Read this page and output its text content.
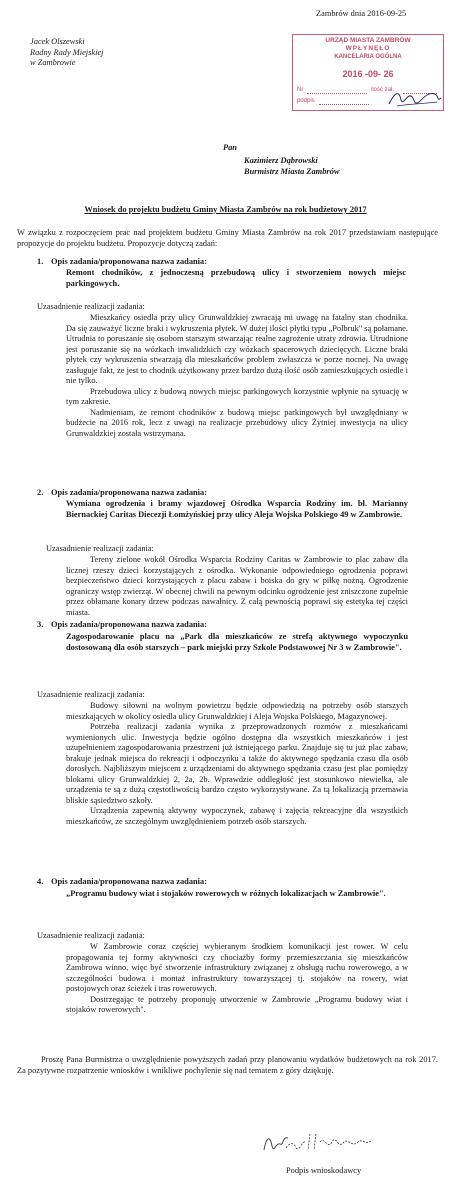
Zambrów dnia 2016-09-25
Jacek Olszewski
Radny Rady Miejskiej
w Zambrowie
URZĄD MIASTA ZAMBRÓW
WPŁYNĘŁO
KANCELARIA OGÓLNA
2016 -09- 26
Nr	ilość zał.
podpis
Pan
Kazimierz Dąbrowski
Burmistrz Miasta Zambrów
Wniosek do projektu budżetu Gminy Miasta Zambrów na rok budżetowy 2017
W związku z rozpoczęciem prac nad projektem budżetu Gminy Miasta Zambrów na rok 2017 przedstawiam następujące propozycje do projektu budżetu. Propozycje dotyczą zadań:
1. Opis zadania/proponowana nazwa zadania:
Remont chodników, z jednoczesną przebudową ulicy i stworzeniem nowych miejsc parkingowych.
Uzasadnienie realizacji zadania:

Mieszkańcy osiedla przy ulicy Grunwaldzkiej zwracają mi uwagę na fatalny stan chodnika. Da się zauważyć liczne braki i wykruszenia płytek. W dużej ilości płytki typu „Polbruk" są połamane. Utrudnia to poruszanie się osobom starszym stwarzając realne zagrożenie utraty zdrowia. Utrudnione jest poruszanie się na wózkach inwalidzkich czy wózkach spacerowych dziecięcych. Liczne braki płytek czy wykruszenia stwarzają dla mieszkańców problem zwłaszcza w porze nocnej. Na uwagę zasługuje fakt, że jest to chodnik użytkowany przez bardzo dużą ilość osób zamieszkujących osiedle i nie tylko.

Przebudowa ulicy z budową nowych miejsc parkingowych korzystnie wpłynie na sytuację w tym zakresie.

Nadmieniam, że remont chodników z budową miejsc parkingowych był uwzględniany w budżecie na 2016 rok, lecz z uwagi na realizacje przebudowy ulicy Żytniej inwestycja na ulicy Grunwaldzkiej została wstrzymana.

2. Opis zadania/proponowana nazwa zadania:
Wymiana ogrodzenia i bramy wjazdowej Ośrodka Wsparcia Rodziny im. bł. Marianny Biernackiej Caritas Diecezji Łomżyńskiej przy ulicy Aleja Wojska Polskiego 49 w Zambrowie.
Uzasadnienie realizacji zadania:

Tereny zielone wokół Ośrodka Wsparcia Rodziny Caritas w Zambrowie to plac zabaw dla licznej rzeszy dzieci korzystających z ośrodka. Wykonanie odpowiedniego ogrodzenia poprawi bezpieczeństwo dzieci korzystających z placu zabaw i boiska do gry w piłkę nożną. Ogrodzenie ograniczy wstęp zwierząt. W obecnej chwili na pewnym odcinku ogrodzenie jest zniszczone zupełnie przez obłamane konary drzew podczas nawałnicy. Z całą pewnością poprawi się estetyka tej części miasta.

3. Opis zadania/proponowana nazwa zadania:
Zagospodarowanie placu na „Park dla mieszkańców ze strefą aktywnego wypoczynku dostosowaną dla osób starszych – park miejski przy Szkole Podstawowej Nr 3 w Zambrowie".
Uzasadnienie realizacji zadania:

Budowy siłowni na wolnym powietrzu będzie odpowiedzią na potrzeby osób starszych mieszkających w okolicy osiedla ulicy Grunwaldzkiej i Aleja Wojska Polskiego, Magazynowej.

Potrzeba realizacji zadania wynika z przeprowadzonych rozmów z mieszkańcami wymienionych ulic. Inwestycja będzie ogólno dostępna dla wszystkich mieszkańców i jest uzupełnieniem zagospodarowania przestrzeni już istniejącego parku. Znajduje się tu już plac zabaw, brakuje jednak miejsca do rekreacji i odpoczynku a także do aktywnego spędzania czasu dla osób dorosłych. Najbliższym miejscem z urządzeniami do aktywnego spędzania czasu jest plac pomiędzy blokami ulicy Grunwaldzkiej 2, 2a, 2b. Wprawdzie oddległość jest stosunkowo niewielka, ale urządzenia te są z dużą częstotliwością bardzo często wykorzystywane. Za tą lokalizacją przemawia bliskie sąsiedztwo szkoły.

Urządzenia zapewnią aktywny wypoczynek, zabawę i zajęcia rekreacyjne dla wszystkich mieszkańców, ze szczególnym uwzględnieniem potrzeb osób starszych.

4. Opis zadania/proponowana nazwa zadania:
„Programu budowy wiat i stojaków rowerowych w różnych lokalizacjach w Zambrowie".
Uzasadnienie realizacji zadania:

W Zambrowie coraz częściej wybieranym środkiem komunikacji jest rower. W celu propagowania tej formy aktywności czy chociażby formy przemieszczania się mieszkańców Zambrowa winno, więc być stworzenie infrastruktury związanej z obsługą ruchu rowerowego, a w szczególności budowa i montaż infrastruktury towarzyszącej tj. stojaków na rowery, wiat postojowych oraz ścieżek i tras rowerowych.

Dostrzegając te potrzeby proponuję utworzenie w Zambrowie „Programu budowy wiat i stojaków rowerowych".

Proszę Pana Burmistrza o uwzględnienie powyższych zadań przy planowaniu wydatków budżetowych na rok 2017. Za pozytywne rozpatrzenie wniosków i wnikliwe pochylenie się nad tematem z góry dziękuję.
Podpis wnioskodawcy
